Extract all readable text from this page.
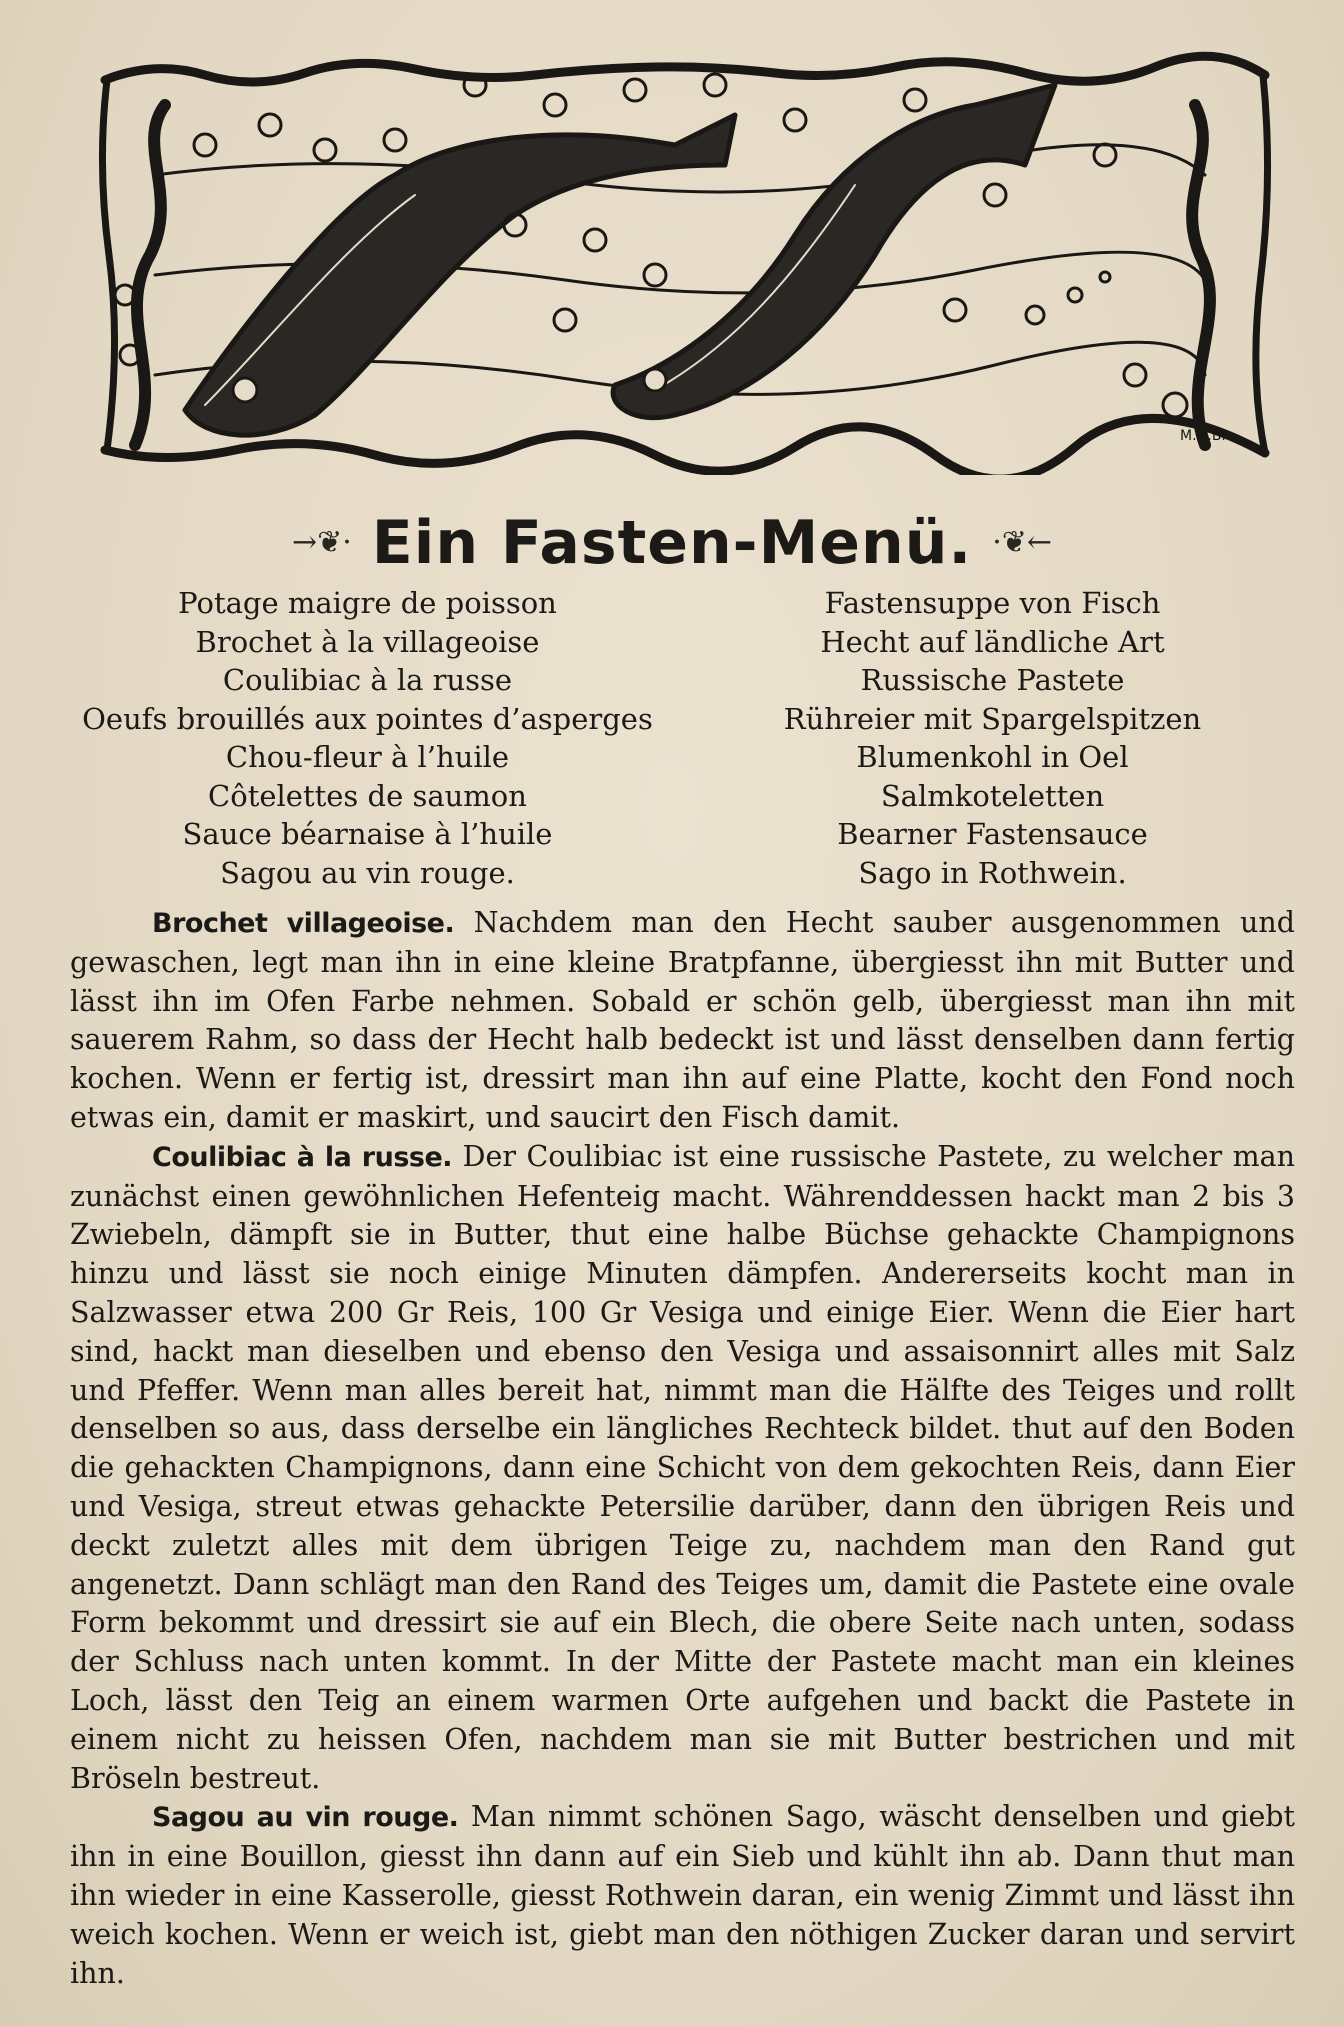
M.G.B.
→❦· Ein Fasten-Menü. ·❦←
Potage maigre de poisson
Brochet à la villageoise
Coulibiac à la russe
Oeufs brouillés aux pointes d’asperges
Chou-fleur à l’huile
Côtelettes de saumon
Sauce béarnaise à l’huile
Sagou au vin rouge.
Fastensuppe von Fisch
Hecht auf ländliche Art
Russische Pastete
Rühreier mit Spargelspitzen
Blumenkohl in Oel
Salmkoteletten
Bearner Fastensauce
Sago in Rothwein.

Brochet villageoise. Nachdem man den Hecht sauber ausgenommen und gewaschen, legt man ihn in eine kleine Bratpfanne, übergiesst ihn mit Butter und lässt ihn im Ofen Farbe nehmen. Sobald er schön gelb, übergiesst man ihn mit sauerem Rahm, so dass der Hecht halb bedeckt ist und lässt denselben dann fertig kochen. Wenn er fertig ist, dressirt man ihn auf eine Platte, kocht den Fond noch etwas ein, damit er maskirt, und saucirt den Fisch damit.

Coulibiac à la russe. Der Coulibiac ist eine russische Pastete, zu welcher man zunächst einen gewöhnlichen Hefenteig macht. Währenddessen hackt man 2 bis 3 Zwiebeln, dämpft sie in Butter, thut eine halbe Büchse gehackte Champignons hinzu und lässt sie noch einige Minuten dämpfen. Andererseits kocht man in Salzwasser etwa 200 Gr Reis, 100 Gr Vesiga und einige Eier. Wenn die Eier hart sind, hackt man dieselben und ebenso den Vesiga und assaisonnirt alles mit Salz und Pfeffer. Wenn man alles bereit hat, nimmt man die Hälfte des Teiges und rollt denselben so aus, dass derselbe ein längliches Rechteck bildet. thut auf den Boden die gehackten Champignons, dann eine Schicht von dem gekochten Reis, dann Eier und Vesiga, streut etwas gehackte Petersilie darüber, dann den übrigen Reis und deckt zuletzt alles mit dem übrigen Teige zu, nachdem man den Rand gut angenetzt. Dann schlägt man den Rand des Teiges um, damit die Pastete eine ovale Form bekommt und dressirt sie auf ein Blech, die obere Seite nach unten, sodass der Schluss nach unten kommt. In der Mitte der Pastete macht man ein kleines Loch, lässt den Teig an einem warmen Orte aufgehen und backt die Pastete in einem nicht zu heissen Ofen, nachdem man sie mit Butter bestrichen und mit Bröseln bestreut.

Sagou au vin rouge. Man nimmt schönen Sago, wäscht denselben und giebt ihn in eine Bouillon, giesst ihn dann auf ein Sieb und kühlt ihn ab. Dann thut man ihn wieder in eine Kasserolle, giesst Rothwein daran, ein wenig Zimmt und lässt ihn weich kochen. Wenn er weich ist, giebt man den nöthigen Zucker daran und servirt ihn.
